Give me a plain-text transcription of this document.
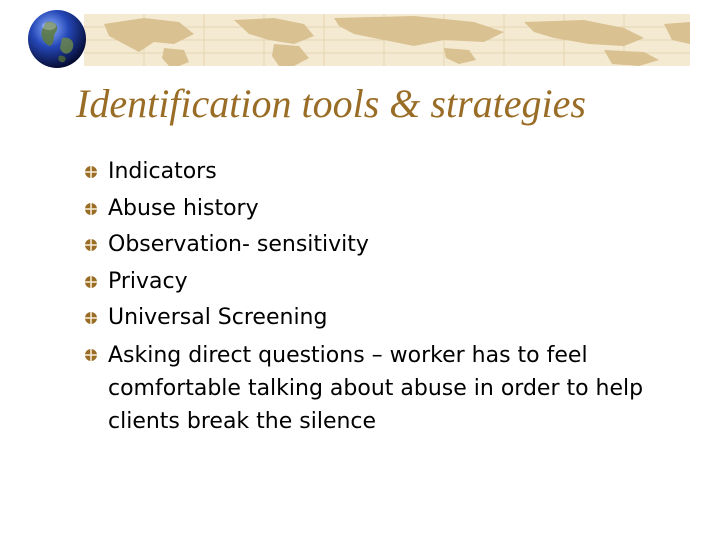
Identification tools & strategies
Indicators
Abuse history
Observation- sensitivity
Privacy
Universal Screening
Asking direct questions – worker has to feel comfortable talking about abuse in order to help clients break the silence
